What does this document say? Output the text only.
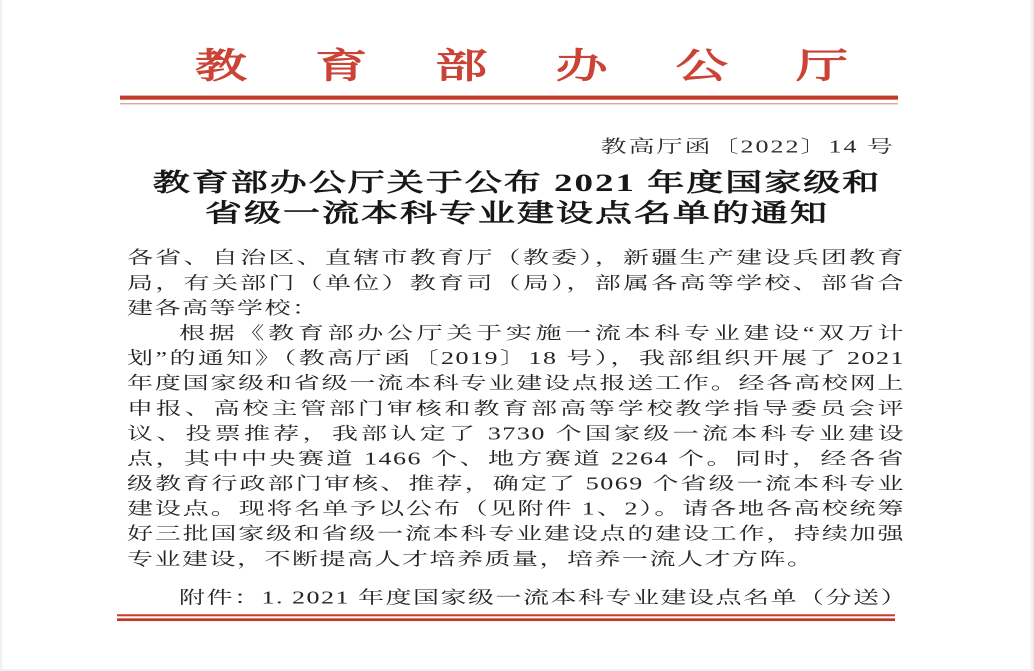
教 育 部 办 公 厅
教高厅函〔2022〕14 号
教育部办公厅关于公布 2021 年度国家级和
省级一流本科专业建设点名单的通知

各省、自治区、直辖市教育厅（教委），新疆生产建设兵团教育局，有关部门（单位）教育司（局），部属各高等学校、部省合建各高等学校：

根据《教育部办公厅关于实施一流本科专业建设“双万计划”的通知》（教高厅函〔2019〕18 号），我部组织开展了 2021 年度国家级和省级一流本科专业建设点报送工作。经各高校网上申报、高校主管部门审核和教育部高等学校教学指导委员会评议、投票推荐，我部认定了 3730 个国家级一流本科专业建设点，其中中央赛道 1466 个、地方赛道 2264 个。同时，经各省级教育行政部门审核、推荐，确定了 5069 个省级一流本科专业建设点。现将名单予以公布（见附件 1、2）。请各地各高校统筹好三批国家级和省级一流本科专业建设点的建设工作，持续加强专业建设，不断提高人才培养质量，培养一流人才方阵。

附件：1. 2021 年度国家级一流本科专业建设点名单（分送）
